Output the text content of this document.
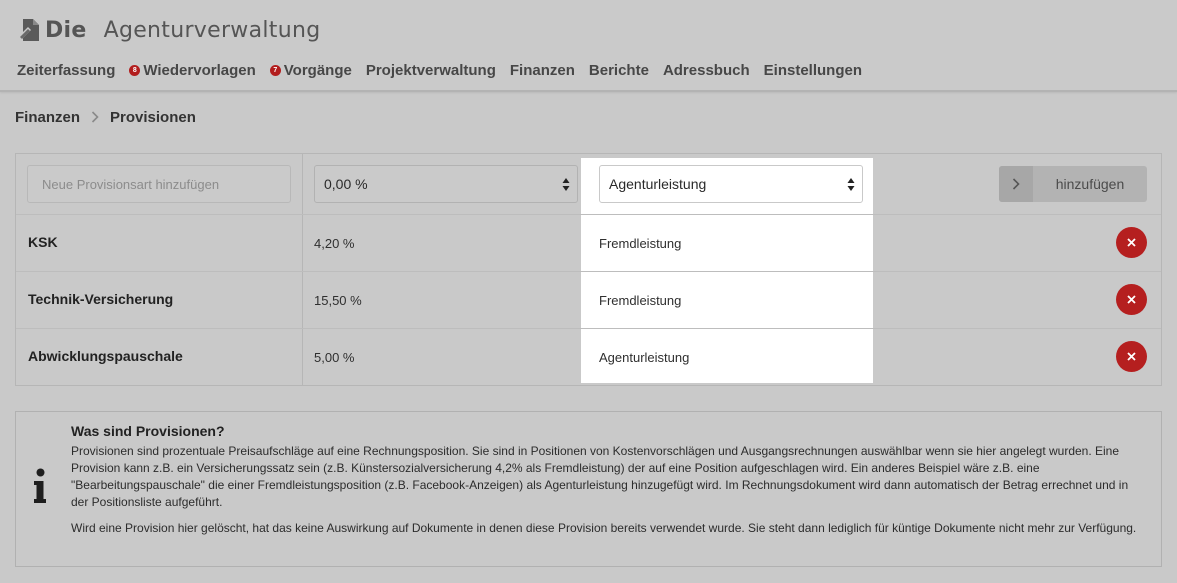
Die Agenturverwaltung
Zeiterfassung	8 Wiedervorlagen	7 Vorgänge Projektverwaltung Finanzen Berichte Adressbuch Einstellungen
Finanzen Provisionen
Neue Provisionsart hinzufügen
0,00 %	Agenturleistung	hinzufügen
KSK	4,20 %	Fremdleistung
Technik-Versicherung	15,50 %	Fremdleistung
Abwicklungspauschale	5,00 %	Agenturleistung
Was sind Provisionen?
Provisionen sind prozentuale Preisaufschläge auf eine Rechnungsposition. Sie sind in Positionen von Kostenvorschlägen und Ausgangsrechnungen auswählbar wenn sie hier angelegt wurden. Eine Provision kann z.B. ein Versicherungssatz sein (z.B. Künstersozialversicherung 4,2% als Fremdleistung) der auf eine Position aufgeschlagen wird. Ein anderes Beispiel wäre z.B. eine "Bearbeitungspauschale" die einer Fremdleistungsposition (z.B. Facebook-Anzeigen) als Agenturleistung hinzugefügt wird. Im Rechnungsdokument wird dann automatisch der Betrag errechnet und in der Positionsliste aufgeführt.
Wird eine Provision hier gelöscht, hat das keine Auswirkung auf Dokumente in denen diese Provision bereits verwendet wurde. Sie steht dann lediglich für küntige Dokumente nicht mehr zur Verfügung.
